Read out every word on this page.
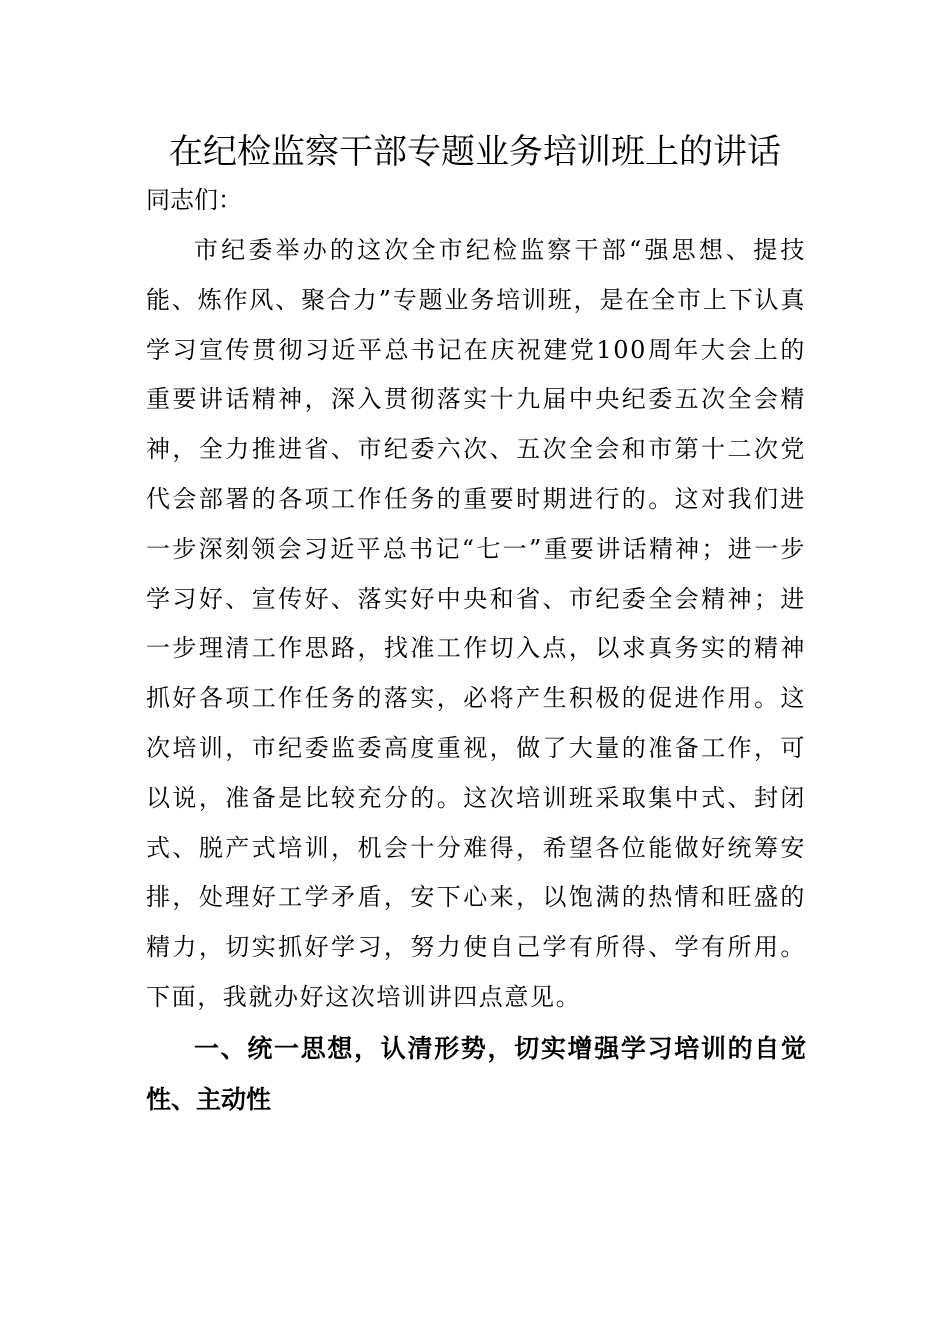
在纪检监察干部专题业务培训班上的讲话
同志们：

市纪委举办的这次全市纪检监察干部“强思想、提技能、炼作风、聚合力”专题业务培训班，是在全市上下认真学习宣传贯彻习近平总书记在庆祝建党100周年大会上的重要讲话精神，深入贯彻落实十九届中央纪委五次全会精神，全力推进省、市纪委六次、五次全会和市第十二次党代会部署的各项工作任务的重要时期进行的。这对我们进一步深刻领会习近平总书记“七一”重要讲话精神；进一步学习好、宣传好、落实好中央和省、市纪委全会精神；进一步理清工作思路，找准工作切入点，以求真务实的精神抓好各项工作任务的落实，必将产生积极的促进作用。这次培训，市纪委监委高度重视，做了大量的准备工作，可以说，准备是比较充分的。这次培训班采取集中式、封闭式、脱产式培训，机会十分难得，希望各位能做好统筹安排，处理好工学矛盾，安下心来，以饱满的热情和旺盛的精力，切实抓好学习，努力使自己学有所得、学有所用。下面，我就办好这次培训讲四点意见。

一、统一思想，认清形势，切实增强学习培训的自觉性、主动性
